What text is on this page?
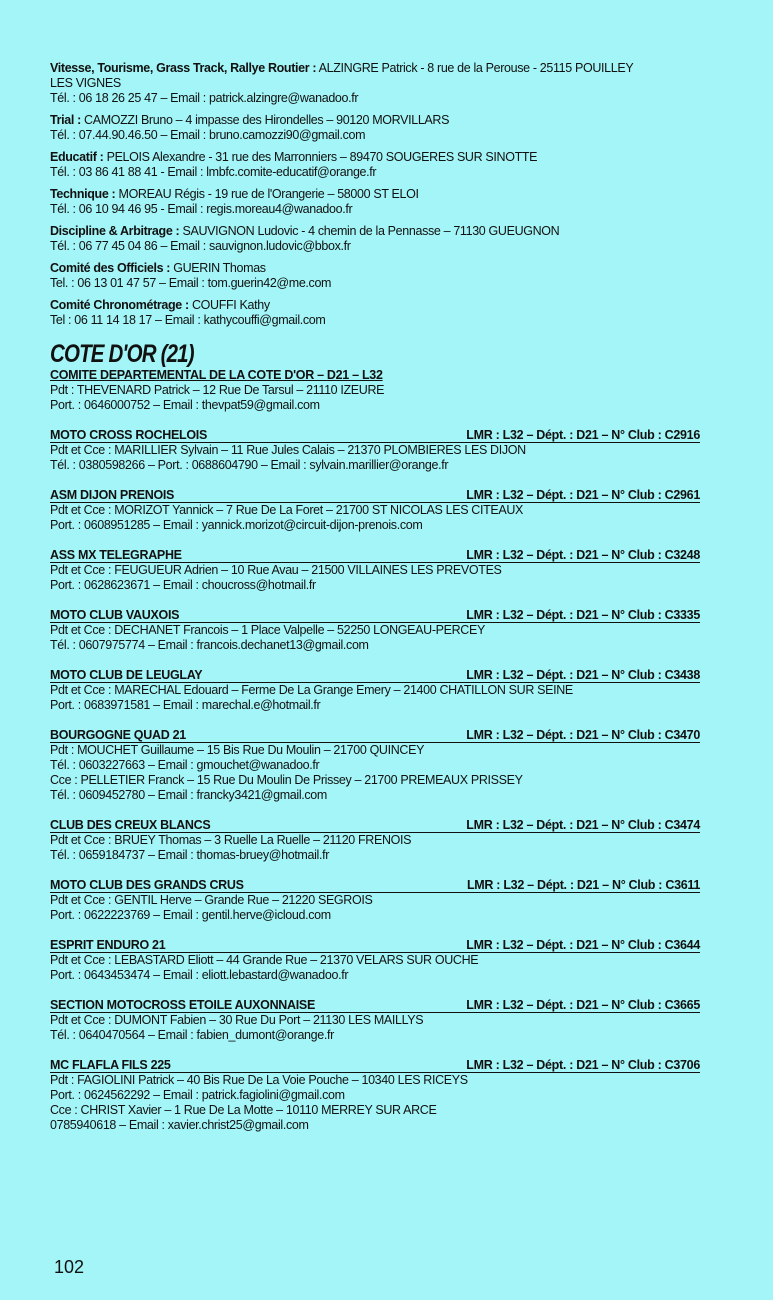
Vitesse, Tourisme, Grass Track, Rallye Routier : ALZINGRE Patrick - 8 rue de la Perouse - 25115 POUILLEY
LES VIGNES
Tél. : 06 18 26 25 47 – Email : patrick.alzingre@wanadoo.fr
Trial : CAMOZZI Bruno – 4 impasse des Hirondelles – 90120 MORVILLARS
Tél. : 07.44.90.46.50 – Email : bruno.camozzi90@gmail.com
Educatif : PELOIS Alexandre - 31 rue des Marronniers – 89470 SOUGERES SUR SINOTTE
Tél. : 03 86 41 88 41 - Email : lmbfc.comite-educatif@orange.fr
Technique : MOREAU Régis - 19 rue de l'Orangerie – 58000 ST ELOI
Tél. : 06 10 94 46 95 - Email : regis.moreau4@wanadoo.fr
Discipline & Arbitrage : SAUVIGNON Ludovic - 4 chemin de la Pennasse – 71130 GUEUGNON
Tél. : 06 77 45 04 86 – Email : sauvignon.ludovic@bbox.fr
Comité des Officiels : GUERIN Thomas
Tel. : 06 13 01 47 57 – Email : tom.guerin42@me.com
Comité Chronométrage : COUFFI Kathy
Tel : 06 11 14 18 17 – Email : kathycouffi@gmail.com
COTE D'OR (21)
COMITE DEPARTEMENTAL DE LA COTE D'OR – D21 – L32
Pdt : THEVENARD Patrick – 12 Rue De Tarsul – 21110 IZEURE
Port. : 0646000752 – Email : thevpat59@gmail.com
MOTO CROSS ROCHELOIS	LMR : L32 – Dépt. : D21 – N° Club : C2916
Pdt et Cce : MARILLIER Sylvain – 11 Rue Jules Calais – 21370 PLOMBIERES LES DIJON
Tél. : 0380598266 – Port. : 0688604790 – Email : sylvain.marillier@orange.fr
ASM DIJON PRENOIS	LMR : L32 – Dépt. : D21 – N° Club : C2961
Pdt et Cce : MORIZOT Yannick – 7 Rue De La Foret – 21700 ST NICOLAS LES CITEAUX
Port. : 0608951285 – Email : yannick.morizot@circuit-dijon-prenois.com
ASS MX TELEGRAPHE	LMR : L32 – Dépt. : D21 – N° Club : C3248
Pdt et Cce : FEUGUEUR Adrien – 10 Rue Avau – 21500 VILLAINES LES PREVOTES
Port. : 0628623671 – Email : choucross@hotmail.fr
MOTO CLUB VAUXOIS	LMR : L32 – Dépt. : D21 – N° Club : C3335
Pdt et Cce : DECHANET Francois – 1 Place Valpelle – 52250 LONGEAU-PERCEY
Tél. : 0607975774 – Email : francois.dechanet13@gmail.com
MOTO CLUB DE LEUGLAY	LMR : L32 – Dépt. : D21 – N° Club : C3438
Pdt et Cce : MARECHAL Edouard – Ferme De La Grange Emery – 21400 CHATILLON SUR SEINE
Port. : 0683971581 – Email : marechal.e@hotmail.fr
BOURGOGNE QUAD 21	LMR : L32 – Dépt. : D21 – N° Club : C3470
Pdt : MOUCHET Guillaume – 15 Bis Rue Du Moulin – 21700 QUINCEY
Tél. : 0603227663 – Email : gmouchet@wanadoo.fr
Cce : PELLETIER Franck – 15 Rue Du Moulin De Prissey – 21700 PREMEAUX PRISSEY
Tél. : 0609452780 – Email : francky3421@gmail.com
CLUB DES CREUX BLANCS	LMR : L32 – Dépt. : D21 – N° Club : C3474
Pdt et Cce : BRUEY Thomas – 3 Ruelle La Ruelle – 21120 FRENOIS
Tél. : 0659184737 – Email : thomas-bruey@hotmail.fr
MOTO CLUB DES GRANDS CRUS	LMR : L32 – Dépt. : D21 – N° Club : C3611
Pdt et Cce : GENTIL Herve – Grande Rue – 21220 SEGROIS
Port. : 0622223769 – Email : gentil.herve@icloud.com
ESPRIT ENDURO 21	LMR : L32 – Dépt. : D21 – N° Club : C3644
Pdt et Cce : LEBASTARD Eliott – 44 Grande Rue – 21370 VELARS SUR OUCHE
Port. : 0643453474 – Email : eliott.lebastard@wanadoo.fr
SECTION MOTOCROSS ETOILE AUXONNAISE	LMR : L32 – Dépt. : D21 – N° Club : C3665
Pdt et Cce : DUMONT Fabien – 30 Rue Du Port – 21130 LES MAILLYS
Tél. : 0640470564 – Email : fabien_dumont@orange.fr
MC FLAFLA FILS 225	LMR : L32 – Dépt. : D21 – N° Club : C3706
Pdt : FAGIOLINI Patrick – 40 Bis Rue De La Voie Pouche – 10340 LES RICEYS
Port. : 0624562292 – Email : patrick.fagiolini@gmail.com
Cce : CHRIST Xavier – 1 Rue De La Motte – 10110 MERREY SUR ARCE
0785940618 – Email : xavier.christ25@gmail.com
102
